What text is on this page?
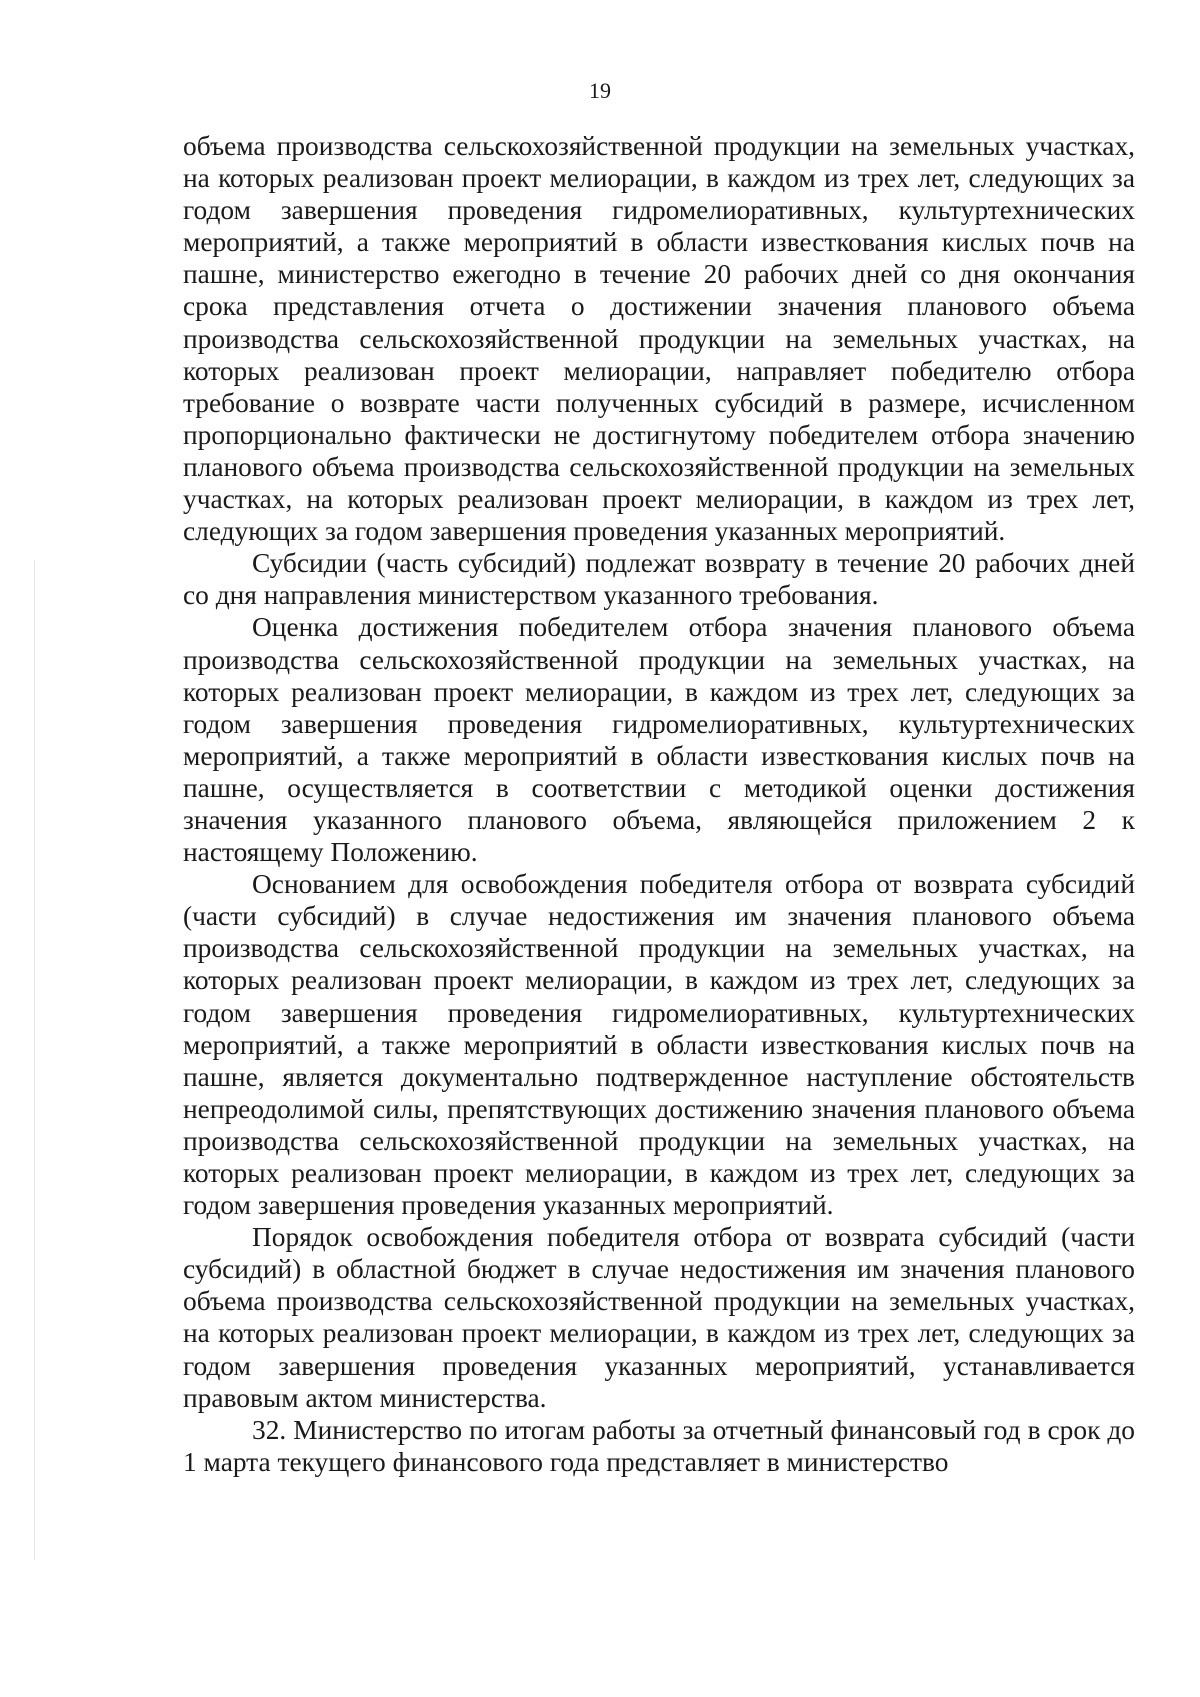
19

объема производства сельскохозяйственной продукции на земельных участках, на которых реализован проект мелиорации, в каждом из трех лет, следующих за годом завершения проведения гидромелиоративных, культуртехнических мероприятий, а также мероприятий в области известкования кислых почв на пашне, министерство ежегодно в течение 20 рабочих дней со дня окончания срока представления отчета о достижении значения планового объема производства сельскохозяйственной продукции на земельных участках, на которых реализован проект мелиорации, направляет победителю отбора требование о возврате части полученных субсидий в размере, исчисленном пропорционально фактически не достигнутому победителем отбора значению планового объема производства сельскохозяйственной продукции на земельных участках, на которых реализован проект мелиорации, в каждом из трех лет, следующих за годом завершения проведения указанных мероприятий.

Субсидии (часть субсидий) подлежат возврату в течение 20 рабочих дней со дня направления министерством указанного требования.

Оценка достижения победителем отбора значения планового объема производства сельскохозяйственной продукции на земельных участках, на которых реализован проект мелиорации, в каждом из трех лет, следующих за годом завершения проведения гидромелиоративных, культуртехнических мероприятий, а также мероприятий в области известкования кислых почв на пашне, осуществляется в соответствии с методикой оценки достижения значения указанного планового объема, являющейся приложением 2 к настоящему Положению.

Основанием для освобождения победителя отбора от возврата субсидий (части субсидий) в случае недостижения им значения планового объема производства сельскохозяйственной продукции на земельных участках, на которых реализован проект мелиорации, в каждом из трех лет, следующих за годом завершения проведения гидромелиоративных, культуртехнических мероприятий, а также мероприятий в области известкования кислых почв на пашне, является документально подтвержденное наступление обстоятельств непреодолимой силы, препятствующих достижению значения планового объема производства сельскохозяйственной продукции на земельных участках, на которых реализован проект мелиорации, в каждом из трех лет, следующих за годом завершения проведения указанных мероприятий.

Порядок освобождения победителя отбора от возврата субсидий (части субсидий) в областной бюджет в случае недостижения им значения планового объема производства сельскохозяйственной продукции на земельных участках, на которых реализован проект мелиорации, в каждом из трех лет, следующих за годом завершения проведения указанных мероприятий, устанавливается правовым актом министерства.

32. Министерство по итогам работы за отчетный финансовый год в срок до 1 марта текущего финансового года представляет в министерство
